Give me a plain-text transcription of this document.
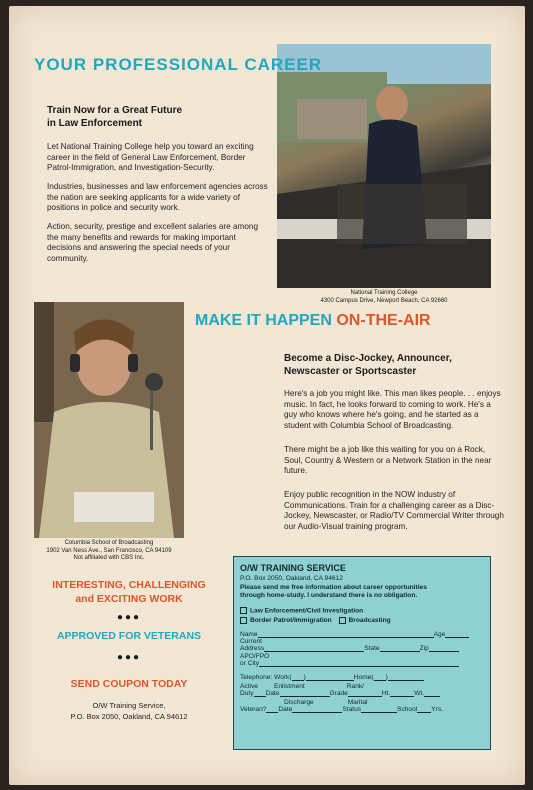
YOUR PROFESSIONAL CAREER
Train Now for a Great Future
in Law Enforcement
Let National Training College help you toward an exciting career in the field of General Law Enforcement, Border Patrol-Immigration, and Investigation-Security.
Industries, businesses and law enforcement agencies across the nation are seeking applicants for a wide variety of positions in police and security work.
Action, security, prestige and excellent salaries are among the many benefits and rewards for making important decisions and answering the special needs of your community.
National Training College
4300 Campus Drive, Newport Beach, CA 92660
Columbia School of Broadcasting
1902 Van Ness Ave., San Francisco, CA 94109
Not affiliated with CBS Inc.
MAKE IT HAPPEN ON-THE-AIR
Become a Disc-Jockey, Announcer,
Newscaster or Sportscaster
Here's a job you might like. This man likes people. . . enjoys music. In fact, he looks forward to coming to work. He's a guy who knows where he's going, and he started as a student with Columbia School of Broadcasting.
There might be a job like this waiting for you on a Rock, Soul, Country & Western or a Network Station in the near future.
Enjoy public recognition in the NOW industry of Communications. Train for a challenging career as a Disc-Jockey, Newscaster, or Radio/TV Commercial Writer through our Audio-Visual training program.
INTERESTING, CHALLENGING
and EXCITING WORK
●●●
APPROVED FOR VETERANS
●●●
SEND COUPON TODAY
O/W Training Service,
P.O. Box 2050, Oakland, CA 94612
O/W TRAINING SERVICE
P.O. Box 2050, Oakland, CA 94612
Please send me free information about career opportunities
through home-study. I understand there is no obligation.
Law Enforcement/Civil Investigation
Border Patrol/Immigration	Broadcasting
Name	Age
Current
Address	State	Zip
APO/FPO
or City
Telephone: Work( )	Home( )
Active Enlistment	Rank/
Duty Date	Grade	Ht.	Wt.
Discharge	Marital
Veteran? Date	Status	School Yrs.
